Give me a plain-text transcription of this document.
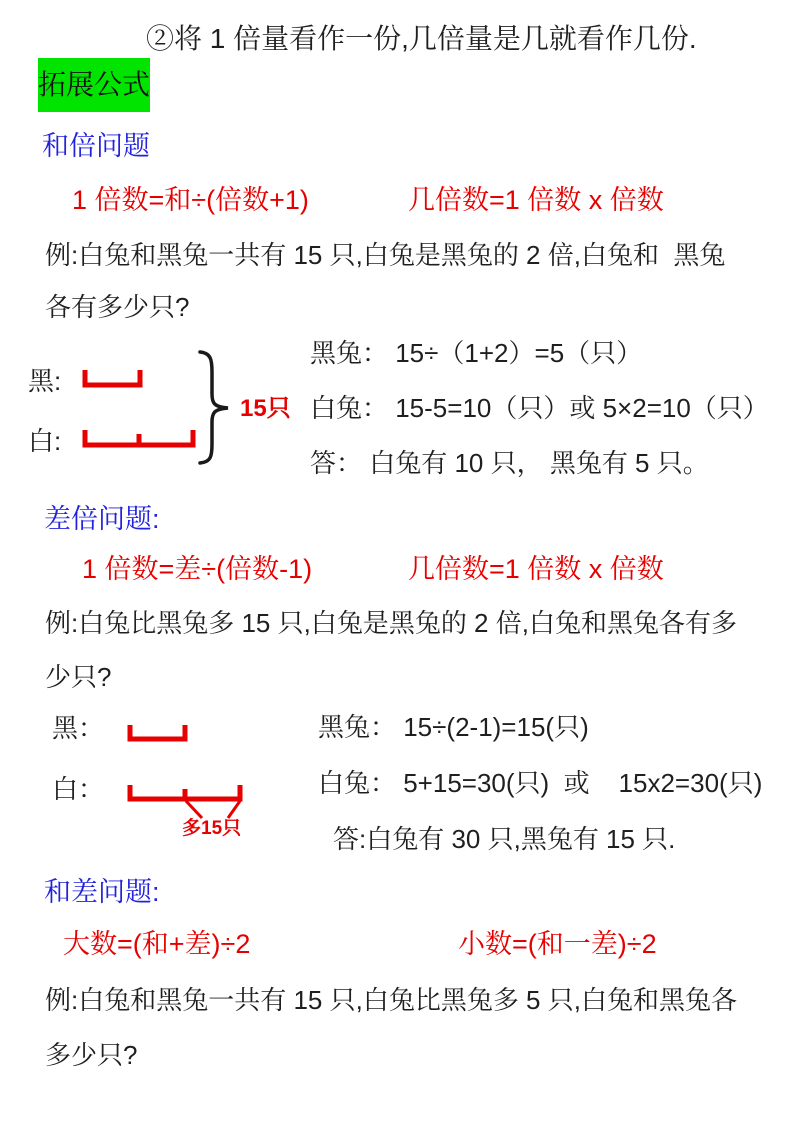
②将 1 倍量看作一份,几倍量是几就看作几份.
拓展公式
和倍问题
1 倍数=和÷(倍数+1)	几倍数=1 倍数 x 倍数
例:白兔和黑兔一共有 15 只,白兔是黑兔的 2 倍,白兔和  黑兔
各有多少只?
黑:
白:
15只
黑兔： 15÷（1+2）=5（只）
白兔： 15-5=10（只）或 5×2=10（只）
答： 白兔有 10 只， 黑兔有 5 只。
差倍问题:
1 倍数=差÷(倍数-1)	几倍数=1 倍数 x 倍数
例:白兔比黑兔多 15 只,白兔是黑兔的 2 倍,白兔和黑兔各有多
少只?
黑：
白：
多15只
黑兔： 15÷(2-1)=15(只)
白兔： 5+15=30(只)  或    15x2=30(只)
答:白兔有 30 只,黑兔有 15 只.
和差问题:
大数=(和+差)÷2	小数=(和一差)÷2
例:白兔和黑兔一共有 15 只,白兔比黑兔多 5 只,白兔和黑兔各
多少只?
